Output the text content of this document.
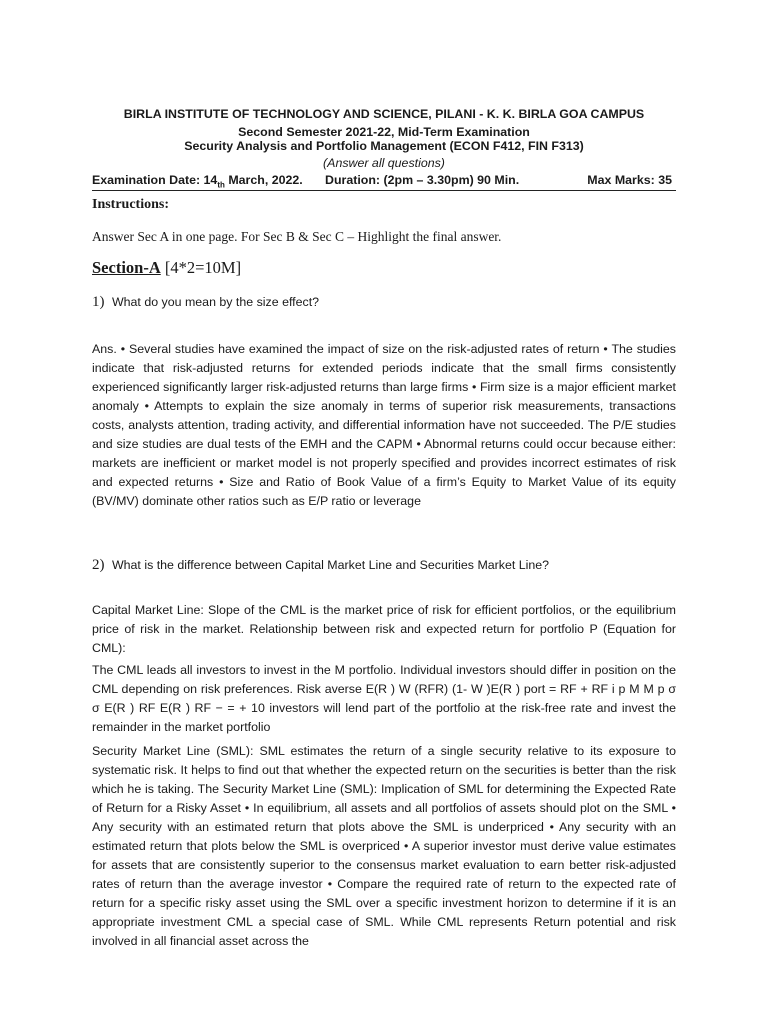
BIRLA INSTITUTE OF TECHNOLOGY AND SCIENCE, PILANI - K. K. BIRLA GOA CAMPUS
Second Semester 2021-22, Mid-Term Examination
Security Analysis and Portfolio Management (ECON F412, FIN F313)
(Answer all questions)
Examination Date: $14_{th}$ March, 2022. Duration: (2pm – 3.30pm) 90 Min.	Max Marks: 35
Instructions:
Answer Sec A in one page. For Sec B & Sec C – Highlight the final answer.
Section-A [4*2=10M]
1) What do you mean by the size effect?
Ans. • Several studies have examined the impact of size on the risk-adjusted rates of return • The studies indicate that risk-adjusted returns for extended periods indicate that the small firms consistently experienced significantly larger risk-adjusted returns than large firms • Firm size is a major efficient market anomaly • Attempts to explain the size anomaly in terms of superior risk measurements, transactions costs, analysts attention, trading activity, and differential information have not succeeded. The P/E studies and size studies are dual tests of the EMH and the CAPM • Abnormal returns could occur because either: markets are inefficient or market model is not properly specified and provides incorrect estimates of risk and expected returns • Size and Ratio of Book Value of a firm’s Equity to Market Value of its equity (BV/MV) dominate other ratios such as E/P ratio or leverage
2) What is the difference between Capital Market Line and Securities Market Line?
Capital Market Line: Slope of the CML is the market price of risk for efficient portfolios, or the equilibrium price of risk in the market. Relationship between risk and expected return for portfolio P (Equation for CML):
The CML leads all investors to invest in the M portfolio. Individual investors should differ in position on the CML depending on risk preferences. Risk averse E(R ) W (RFR) (1- W )E(R ) port = RF + RF i p M M p σ σ E(R ) RF E(R ) RF − = + 10 investors will lend part of the portfolio at the risk-free rate and invest the remainder in the market portfolio
Security Market Line (SML): SML estimates the return of a single security relative to its exposure to systematic risk. It helps to find out that whether the expected return on the securities is better than the risk which he is taking. The Security Market Line (SML): Implication of SML for determining the Expected Rate of Return for a Risky Asset • In equilibrium, all assets and all portfolios of assets should plot on the SML • Any security with an estimated return that plots above the SML is underpriced • Any security with an estimated return that plots below the SML is overpriced • A superior investor must derive value estimates for assets that are consistently superior to the consensus market evaluation to earn better risk-adjusted rates of return than the average investor • Compare the required rate of return to the expected rate of return for a specific risky asset using the SML over a specific investment horizon to determine if it is an appropriate investment CML a special case of SML. While CML represents Return potential and risk involved in all financial asset across the
